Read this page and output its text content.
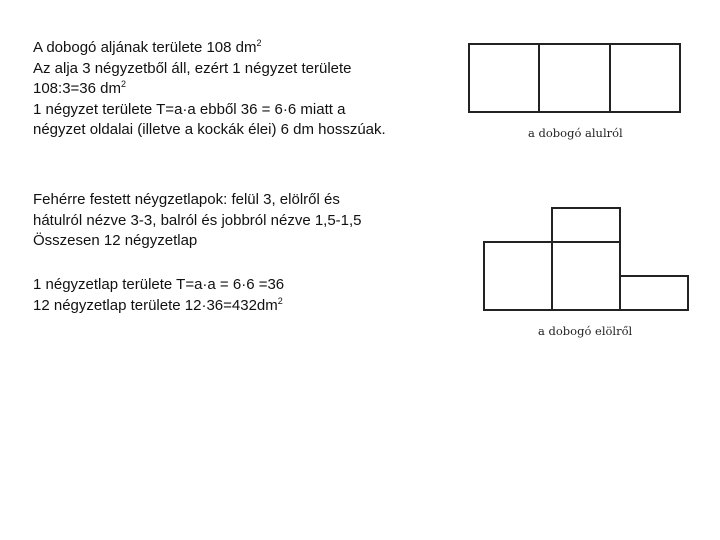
A dobogó aljának területe 108 $dm^2$

Az alja 3 négyzetből áll, ezért 1 négyzet területe

108:3=36 $dm^2$

1 négyzet területe T=a·a ebből 36 = 6·6 miatt a

négyzet oldalai (illetve a kockák élei) 6 dm hosszúak.

Fehérre festett néygzetlapok: felül 3, elölről és

hátulról nézve 3-3, balról és jobbról nézve 1,5-1,5

Összesen 12 négyzetlap

1 négyzetlap területe T=a·a = 6·6 =36

12 négyzetlap területe $12\cdot 36=432dm^2$

a dobogó alulról
a dobogó elölről
